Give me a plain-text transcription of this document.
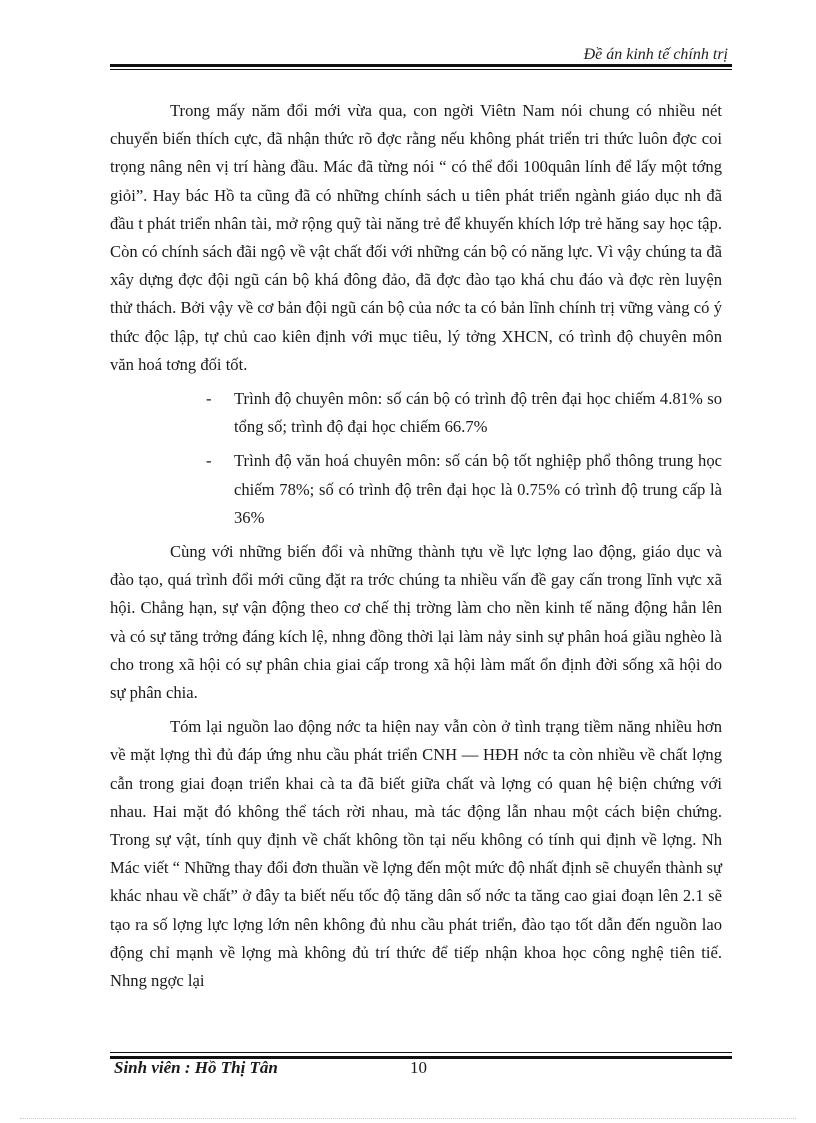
Đề án kinh tế chính trị

Trong mấy năm đổi mới vừa qua, con ngời Viêtn Nam nói chung có nhiều nét chuyển biến thích cực, đã nhận thức rõ đợc rằng nếu không phát triển tri thức luôn đợc coi trọng nâng nên vị trí hàng đầu. Mác đã từng nói “ có thể đổi 100quân lính để lấy một tớng giỏi”. Hay bác Hồ ta cũng đã có những chính sách u tiên phát triển ngành giáo dục nh đã đầu t phát triển nhân tài, mở rộng quỹ tài năng trẻ để khuyến khích lớp trẻ hăng say học tập. Còn có chính sách đãi ngộ về vật chất đối với những cán bộ có năng lực. Vì vậy chúng ta đã xây dựng đợc đội ngũ cán bộ khá đông đảo, đã đợc đào tạo khá chu đáo và đợc rèn luyện thử thách. Bởi vậy về cơ bản đội ngũ cán bộ của nớc ta có bản lĩnh chính trị vững vàng có ý thức độc lập, tự chủ cao kiên định với mục tiêu, lý tởng XHCN, có trình độ chuyên môn văn hoá tơng đối tốt.

- Trình độ chuyên môn: số cán bộ có trình độ trên đại học chiếm 4.81% so tổng số; trình độ đại học chiếm 66.7%
- Trình độ văn hoá chuyên môn: số cán bộ tốt nghiệp phổ thông trung học chiếm 78%; số có trình độ trên đại học là 0.75% có trình độ trung cấp là 36%

Cùng với những biến đổi và những thành tựu về lực lợng lao động, giáo dục và đào tạo, quá trình đổi mới cũng đặt ra trớc chúng ta nhiều vấn đề gay cấn trong lĩnh vực xã hội. Chẳng hạn, sự vận động theo cơ chế thị trờng làm cho nền kinh tế năng động hẳn lên và có sự tăng trởng đáng kích lệ, nhng đồng thời lại làm nảy sinh sự phân hoá giầu nghèo là cho trong xã hội có sự phân chia giai cấp trong xã hội làm mất ổn định đời sống xã hội do sự phân chia.

Tóm lại nguồn lao động nớc ta hiện nay vẫn còn ở tình trạng tiềm năng nhiều hơn về mặt lợng thì đủ đáp ứng nhu cầu phát triển CNH — HĐH nớc ta còn nhiều về chất lợng cẫn trong giai đoạn triển khai cà ta đã biết giữa chất và lợng có quan hệ biện chứng với nhau. Hai mặt đó không thể tách rời nhau, mà tác động lẫn nhau một cách biện chứng. Trong sự vật, tính quy định về chất không tồn tại nếu không có tính qui định về lợng. Nh Mác viết “ Những thay đổi đơn thuần về lợng đến một mức độ nhất định sẽ chuyển thành sự khác nhau về chất” ở đây ta biết nếu tốc độ tăng dân số nớc ta tăng cao giai đoạn lên 2.1 sẽ tạo ra số lợng lực lợng lớn nên không đủ nhu cầu phát triển, đào tạo tốt dẫn đến nguồn lao động chỉ mạnh về lợng mà không đủ trí thức để tiếp nhận khoa học công nghệ tiên tiế. Nhng ngợc lại

Sinh viên : Hồ Thị Tân	10
